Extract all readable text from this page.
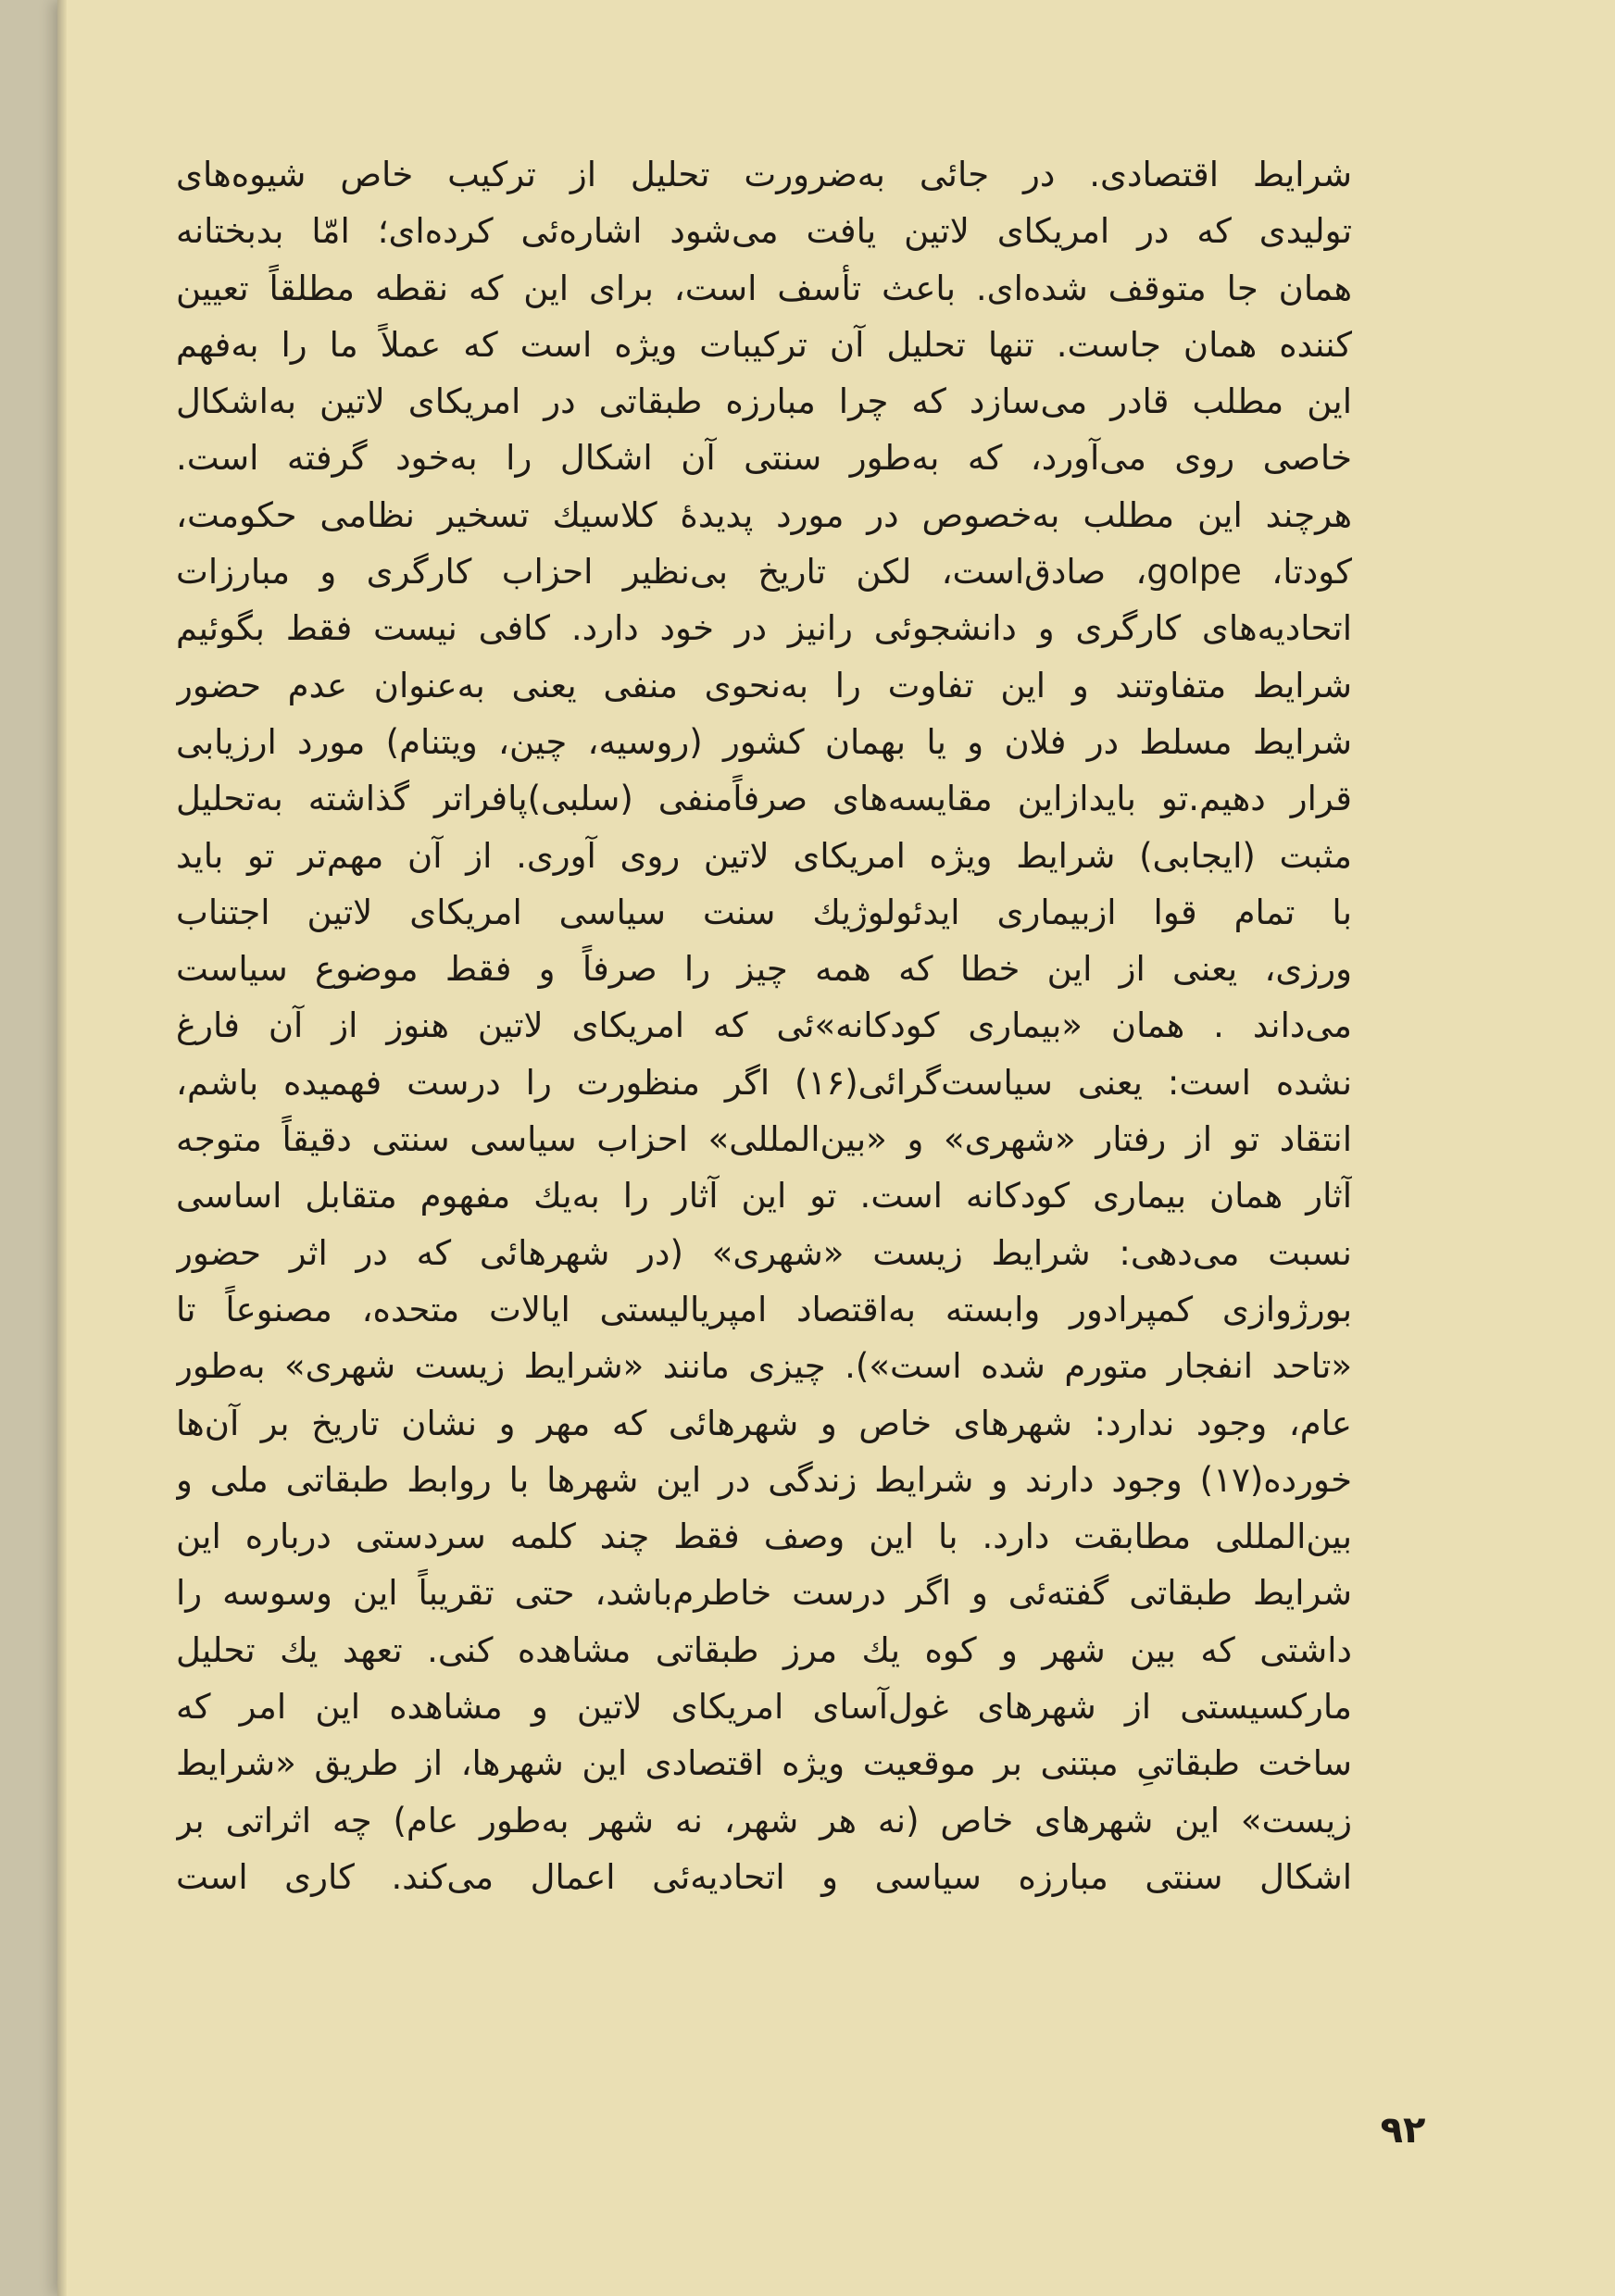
شرایط اقتصادی. در جائی به‌ضرورت تحلیل از ترکیب خاص شیوه‌های
تولیدی که در امریکای لاتین یافت می‌شود اشاره‌ئی کرده‌ای؛ امّا بدبختانه
همان جا متوقف شده‌ای. باعث تأسف است، برای این که نقطه مطلقاً تعیین
کننده همان جاست. تنها تحلیل آن ترکیبات ویژه است که عملاً ما را به‌فهم
این مطلب قادر می‌سازد که چرا مبارزه طبقاتی در امریکای لاتین به‌اشکال
خاصی روی می‌آورد، که به‌طور سنتی آن اشکال را به‌خود گرفته است.
هرچند این مطلب به‌خصوص در مورد پدیدهٔ کلاسیك تسخیر نظامی حکومت،
کودتا، golpe، صادق‌است، لکن تاریخ بی‌نظیر احزاب کارگری و مبارزات
اتحادیه‌های کارگری و دانشجوئی رانیز در خود دارد. کافی نیست فقط بگوئیم
شرایط متفاوتند و این تفاوت را به‌نحوی منفی یعنی به‌عنوان عدم حضور
شرایط مسلط در فلان و یا بهمان کشور (روسیه، چین، ویتنام) مورد ارزیابی
قرار دهیم.تو بایدازاین مقایسه‌های صرفاًمنفی (سلبی)پافراتر گذاشته به‌تحلیل
مثبت (ایجابی) شرایط ویژه امریکای لاتین روی آوری. از آن مهم‌تر تو باید
با تمام قوا ازبیماری ایدئولوژیك سنت سیاسی امریکای لاتین اجتناب
ورزی، یعنی از این خطا که همه چیز را صرفاً و فقط موضوع سیاست
می‌داند . همان «بیماری کودکانه»ئی که امریکای لاتین هنوز از آن فارغ
نشده است: یعنی سیاست‌گرائی(۱۶) اگر منظورت را درست فهمیده باشم،
انتقاد تو از رفتار «شهری» و «بین‌المللی» احزاب سیاسی سنتی دقیقاً متوجه
آثار همان بیماری کودکانه است. تو این آثار را به‌یك مفهوم متقابل اساسی
نسبت می‌دهی: شرایط زیست «شهری» (در شهرهائی که در اثر حضور
بورژوازی کمپرادور وابسته به‌اقتصاد امپریالیستی ایالات متحده، مصنوعاً تا
«تاحد انفجار متورم شده است»). چیزی مانند «شرایط زیست شهری» به‌طور
عام، وجود ندارد: شهرهای خاص و شهرهائی که مهر و نشان تاریخ بر آن‌ها
خورده(۱۷) وجود دارند و شرایط زندگی در این شهرها با روابط طبقاتی ملی و
بین‌المللی مطابقت دارد. با این وصف فقط چند کلمه سردستی درباره این
شرایط طبقاتی گفته‌ئی و اگر درست خاطرم‌باشد، حتی تقریباً این وسوسه را
داشتی که بین شهر و کوه یك مرز طبقاتی مشاهده کنی. تعهد یك تحلیل
مارکسیستی از شهرهای غول‌آسای امریکای لاتین و مشاهده این امر که
ساخت طبقاتیِ مبتنی بر موقعیت ویژه اقتصادی این شهرها، از طریق «شرایط
زیست» این شهرهای خاص (نه هر شهر، نه شهر به‌طور عام) چه اثراتی بر
اشکال سنتی مبارزه سیاسی و اتحادیه‌ئی اعمال می‌کند. کاری است
۹۲
